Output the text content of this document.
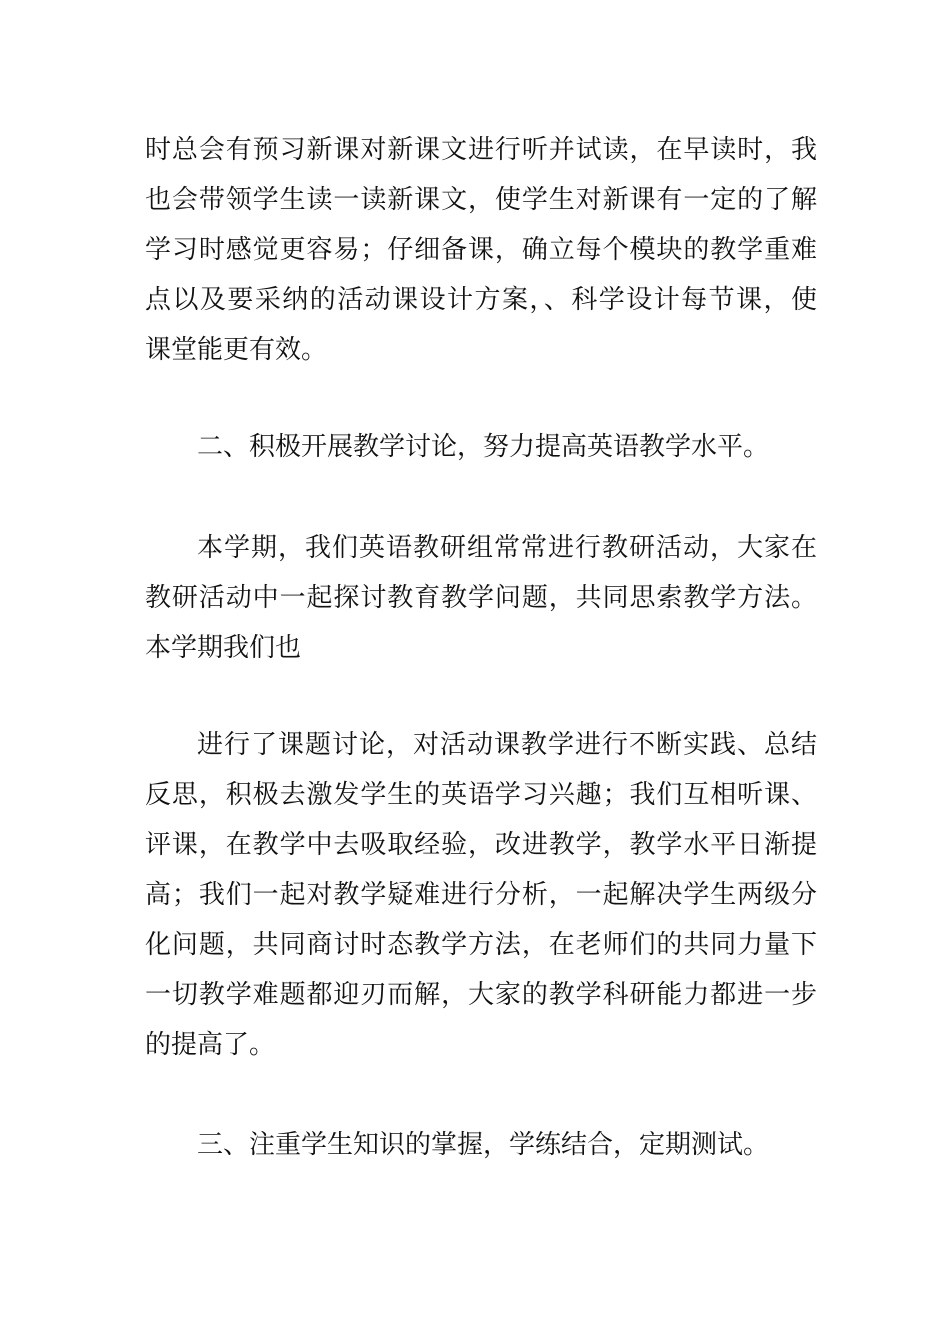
时总会有预习新课对新课文进行听并试读，在早读时，我
也会带领学生读一读新课文，使学生对新课有一定的了解
学习时感觉更容易；仔细备课，确立每个模块的教学重难
点以及要采纳的活动课设计方案，、科学设计每节课，使
课堂能更有效。
二、积极开展教学讨论，努力提高英语教学水平。
本学期，我们英语教研组常常进行教研活动，大家在
教研活动中一起探讨教育教学问题，共同思索教学方法。
本学期我们也
进行了课题讨论，对活动课教学进行不断实践、总结
反思，积极去激发学生的英语学习兴趣；我们互相听课、
评课，在教学中去吸取经验，改进教学，教学水平日渐提
高；我们一起对教学疑难进行分析，一起解决学生两级分
化问题，共同商讨时态教学方法，在老师们的共同力量下
一切教学难题都迎刃而解，大家的教学科研能力都进一步
的提高了。
三、注重学生知识的掌握，学练结合，定期测试。
